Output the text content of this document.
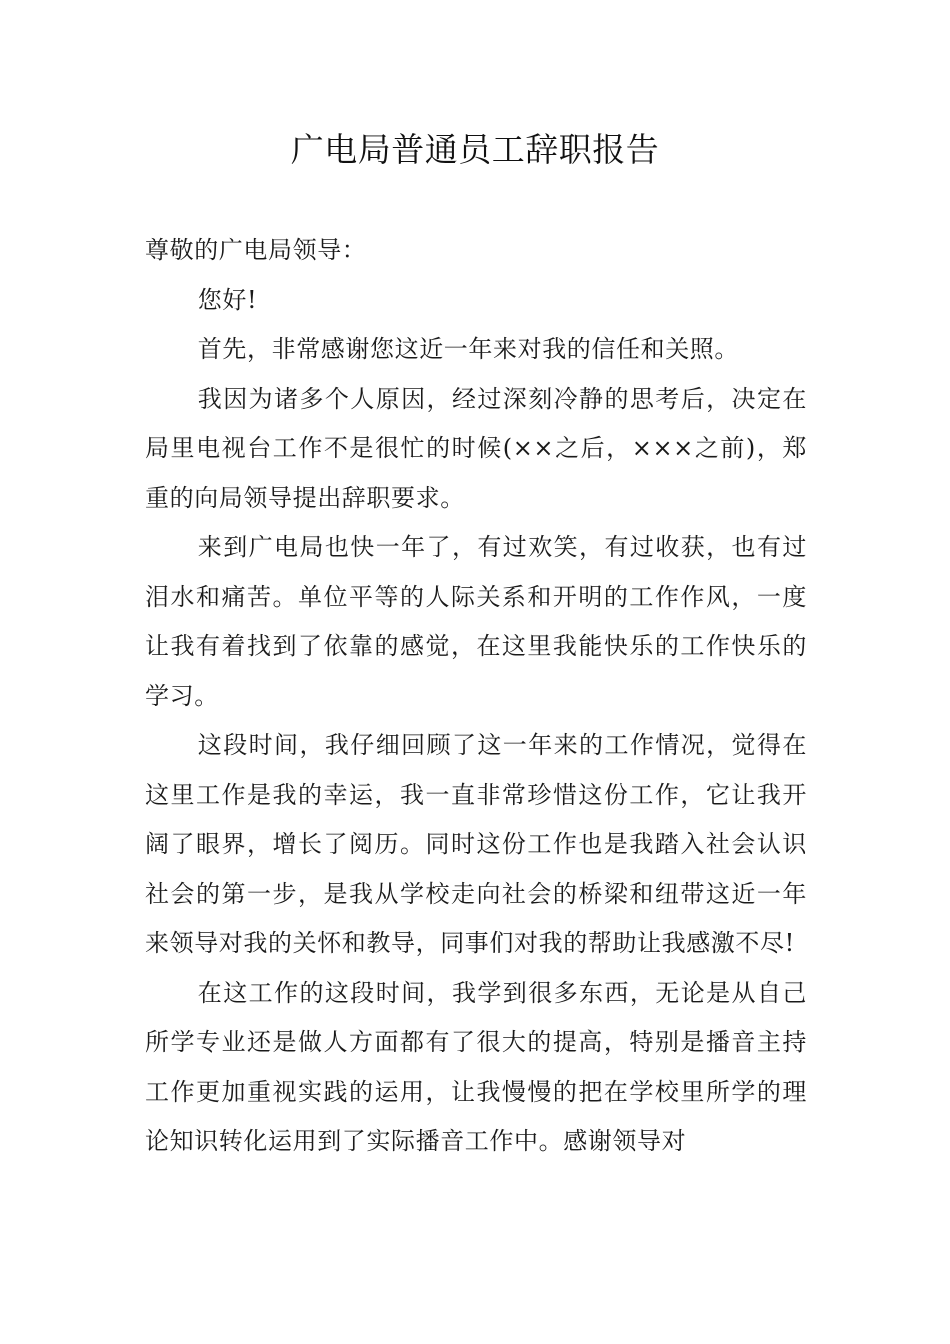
广电局普通员工辞职报告

尊敬的广电局领导：

您好!

首先，非常感谢您这近一年来对我的信任和关照。

我因为诸多个人原因，经过深刻冷静的思考后，决定在局里电视台工作不是很忙的时候(××之后，×××之前)，郑重的向局领导提出辞职要求。

来到广电局也快一年了，有过欢笑，有过收获，也有过泪水和痛苦。单位平等的人际关系和开明的工作作风，一度让我有着找到了依靠的感觉，在这里我能快乐的工作快乐的学习。

这段时间，我仔细回顾了这一年来的工作情况，觉得在这里工作是我的幸运，我一直非常珍惜这份工作，它让我开阔了眼界，增长了阅历。同时这份工作也是我踏入社会认识社会的第一步，是我从学校走向社会的桥梁和纽带这近一年来领导对我的关怀和教导，同事们对我的帮助让我感激不尽!

在这工作的这段时间，我学到很多东西，无论是从自己所学专业还是做人方面都有了很大的提高，特别是播音主持工作更加重视实践的运用，让我慢慢的把在学校里所学的理论知识转化运用到了实际播音工作中。感谢领导对
